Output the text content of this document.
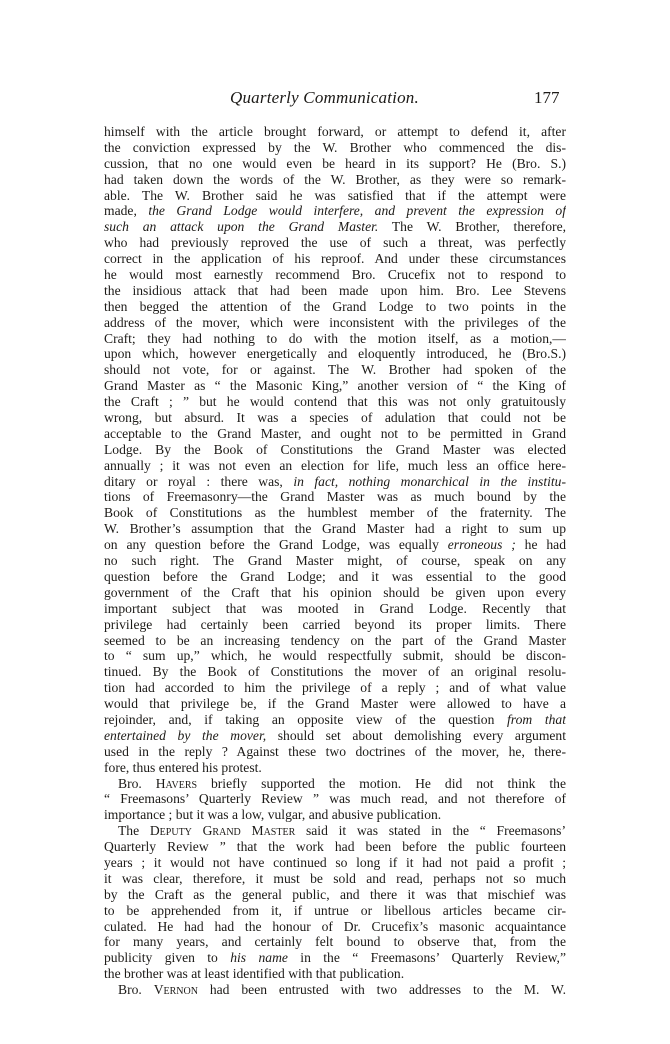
Quarterly Communication.	177
himself with the article brought forward, or attempt to defend it, after
the conviction expressed by the W. Brother who commenced the dis-
cussion, that no one would even be heard in its support? He (Bro. S.)
had taken down the words of the W. Brother, as they were so remark-
able. The W. Brother said he was satisfied that if the attempt were
made, the Grand Lodge would interfere, and prevent the expression of
such an attack upon the Grand Master. The W. Brother, therefore,
who had previously reproved the use of such a threat, was perfectly
correct in the application of his reproof. And under these circumstances
he would most earnestly recommend Bro. Crucefix not to respond to
the insidious attack that had been made upon him. Bro. Lee Stevens
then begged the attention of the Grand Lodge to two points in the
address of the mover, which were inconsistent with the privileges of the
Craft; they had nothing to do with the motion itself, as a motion,—
upon which, however energetically and eloquently introduced, he (Bro.S.)
should not vote, for or against. The W. Brother had spoken of the
Grand Master as “ the Masonic King,” another version of “ the King of
the Craft ; ” but he would contend that this was not only gratuitously
wrong, but absurd. It was a species of adulation that could not be
acceptable to the Grand Master, and ought not to be permitted in Grand
Lodge. By the Book of Constitutions the Grand Master was elected
annually ; it was not even an election for life, much less an office here-
ditary or royal : there was, in fact, nothing monarchical in the institu-
tions of Freemasonry—the Grand Master was as much bound by the
Book of Constitutions as the humblest member of the fraternity. The
W. Brother’s assumption that the Grand Master had a right to sum up
on any question before the Grand Lodge, was equally erroneous ; he had
no such right. The Grand Master might, of course, speak on any
question before the Grand Lodge; and it was essential to the good
government of the Craft that his opinion should be given upon every
important subject that was mooted in Grand Lodge. Recently that
privilege had certainly been carried beyond its proper limits. There
seemed to be an increasing tendency on the part of the Grand Master
to “ sum up,” which, he would respectfully submit, should be discon-
tinued. By the Book of Constitutions the mover of an original resolu-
tion had accorded to him the privilege of a reply ; and of what value
would that privilege be, if the Grand Master were allowed to have a
rejoinder, and, if taking an opposite view of the question from that
entertained by the mover, should set about demolishing every argument
used in the reply ? Against these two doctrines of the mover, he, there-
fore, thus entered his protest.
Bro. Havers briefly supported the motion. He did not think the
“ Freemasons’ Quarterly Review ” was much read, and not therefore of
importance ; but it was a low, vulgar, and abusive publication.
The Deputy Grand Master said it was stated in the “ Freemasons’
Quarterly Review ” that the work had been before the public fourteen
years ; it would not have continued so long if it had not paid a profit ;
it was clear, therefore, it must be sold and read, perhaps not so much
by the Craft as the general public, and there it was that mischief was
to be apprehended from it, if untrue or libellous articles became cir-
culated. He had had the honour of Dr. Crucefix’s masonic acquaintance
for many years, and certainly felt bound to observe that, from the
publicity given to his name in the “ Freemasons’ Quarterly Review,”
the brother was at least identified with that publication.
Bro. Vernon had been entrusted with two addresses to the M. W.
